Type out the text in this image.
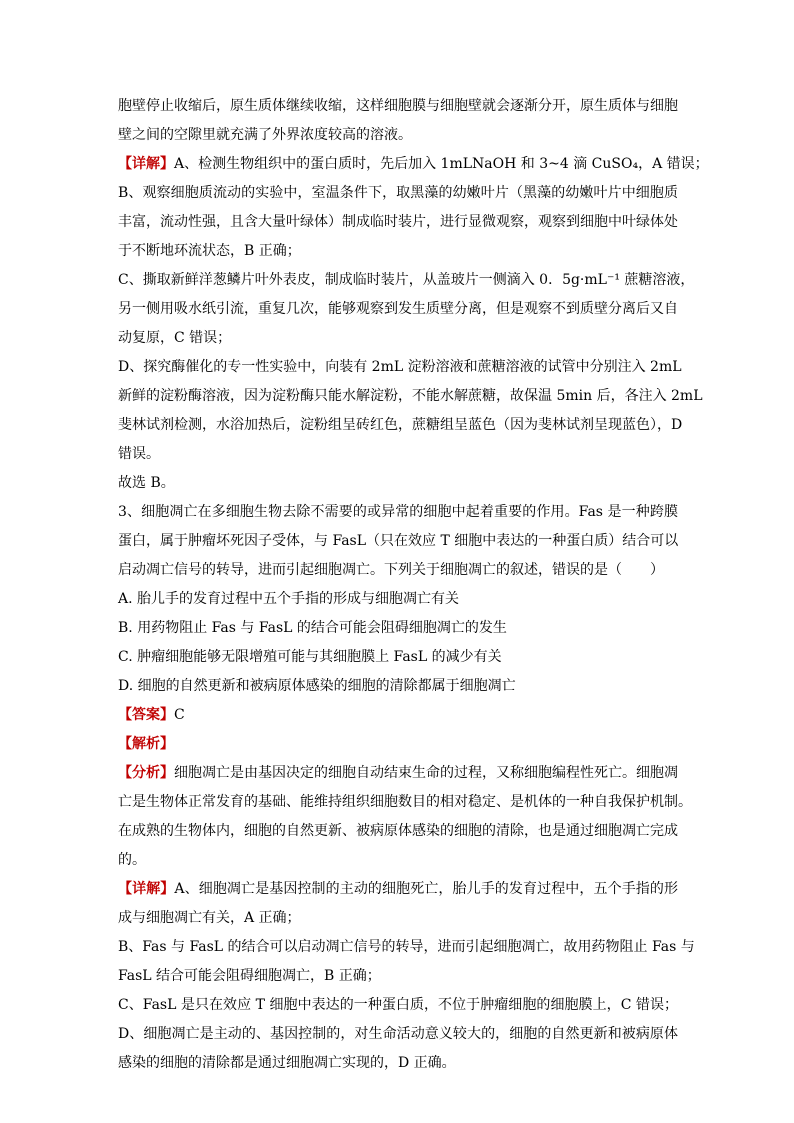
胞壁停止收缩后，原生质体继续收缩，这样细胞膜与细胞壁就会逐渐分开，原生质体与细胞
壁之间的空隙里就充满了外界浓度较高的溶液。
【详解】A、检测生物组织中的蛋白质时，先后加入 1mLNaOH 和 3~4 滴 CuSO₄，A 错误；
B、观察细胞质流动的实验中，室温条件下，取黑藻的幼嫩叶片（黑藻的幼嫩叶片中细胞质
丰富，流动性强，且含大量叶绿体）制成临时装片，进行显微观察，观察到细胞中叶绿体处
于不断地环流状态，B 正确；
C、撕取新鲜洋葱鳞片叶外表皮，制成临时装片，从盖玻片一侧滴入 0．5g·mL⁻¹ 蔗糖溶液，
另一侧用吸水纸引流，重复几次，能够观察到发生质壁分离，但是观察不到质壁分离后又自
动复原，C 错误；
D、探究酶催化的专一性实验中，向装有 2mL 淀粉溶液和蔗糖溶液的试管中分别注入 2mL
新鲜的淀粉酶溶液，因为淀粉酶只能水解淀粉，不能水解蔗糖，故保温 5min 后，各注入 2mL
斐林试剂检测，水浴加热后，淀粉组呈砖红色，蔗糖组呈蓝色（因为斐林试剂呈现蓝色），D
错误。
故选 B。
3、细胞凋亡在多细胞生物去除不需要的或异常的细胞中起着重要的作用。Fas 是一种跨膜
蛋白，属于肿瘤坏死因子受体，与 FasL（只在效应 T 细胞中表达的一种蛋白质）结合可以
启动凋亡信号的转导，进而引起细胞凋亡。下列关于细胞凋亡的叙述，错误的是（　　）
A. 胎儿手的发育过程中五个手指的形成与细胞凋亡有关
B. 用药物阻止 Fas 与 FasL 的结合可能会阻碍细胞凋亡的发生
C. 肿瘤细胞能够无限增殖可能与其细胞膜上 FasL 的减少有关
D. 细胞的自然更新和被病原体感染的细胞的清除都属于细胞凋亡
【答案】C
【解析】
【分析】细胞凋亡是由基因决定的细胞自动结束生命的过程，又称细胞编程性死亡。细胞凋
亡是生物体正常发育的基础、能维持组织细胞数目的相对稳定、是机体的一种自我保护机制。
在成熟的生物体内，细胞的自然更新、被病原体感染的细胞的清除，也是通过细胞凋亡完成
的。
【详解】A、细胞凋亡是基因控制的主动的细胞死亡，胎儿手的发育过程中，五个手指的形
成与细胞凋亡有关，A 正确；
B、Fas 与 FasL 的结合可以启动凋亡信号的转导，进而引起细胞凋亡，故用药物阻止 Fas 与
FasL 结合可能会阻碍细胞凋亡，B 正确；
C、FasL 是只在效应 T 细胞中表达的一种蛋白质，不位于肿瘤细胞的细胞膜上，C 错误；
D、细胞凋亡是主动的、基因控制的，对生命活动意义较大的，细胞的自然更新和被病原体
感染的细胞的清除都是通过细胞凋亡实现的，D 正确。
